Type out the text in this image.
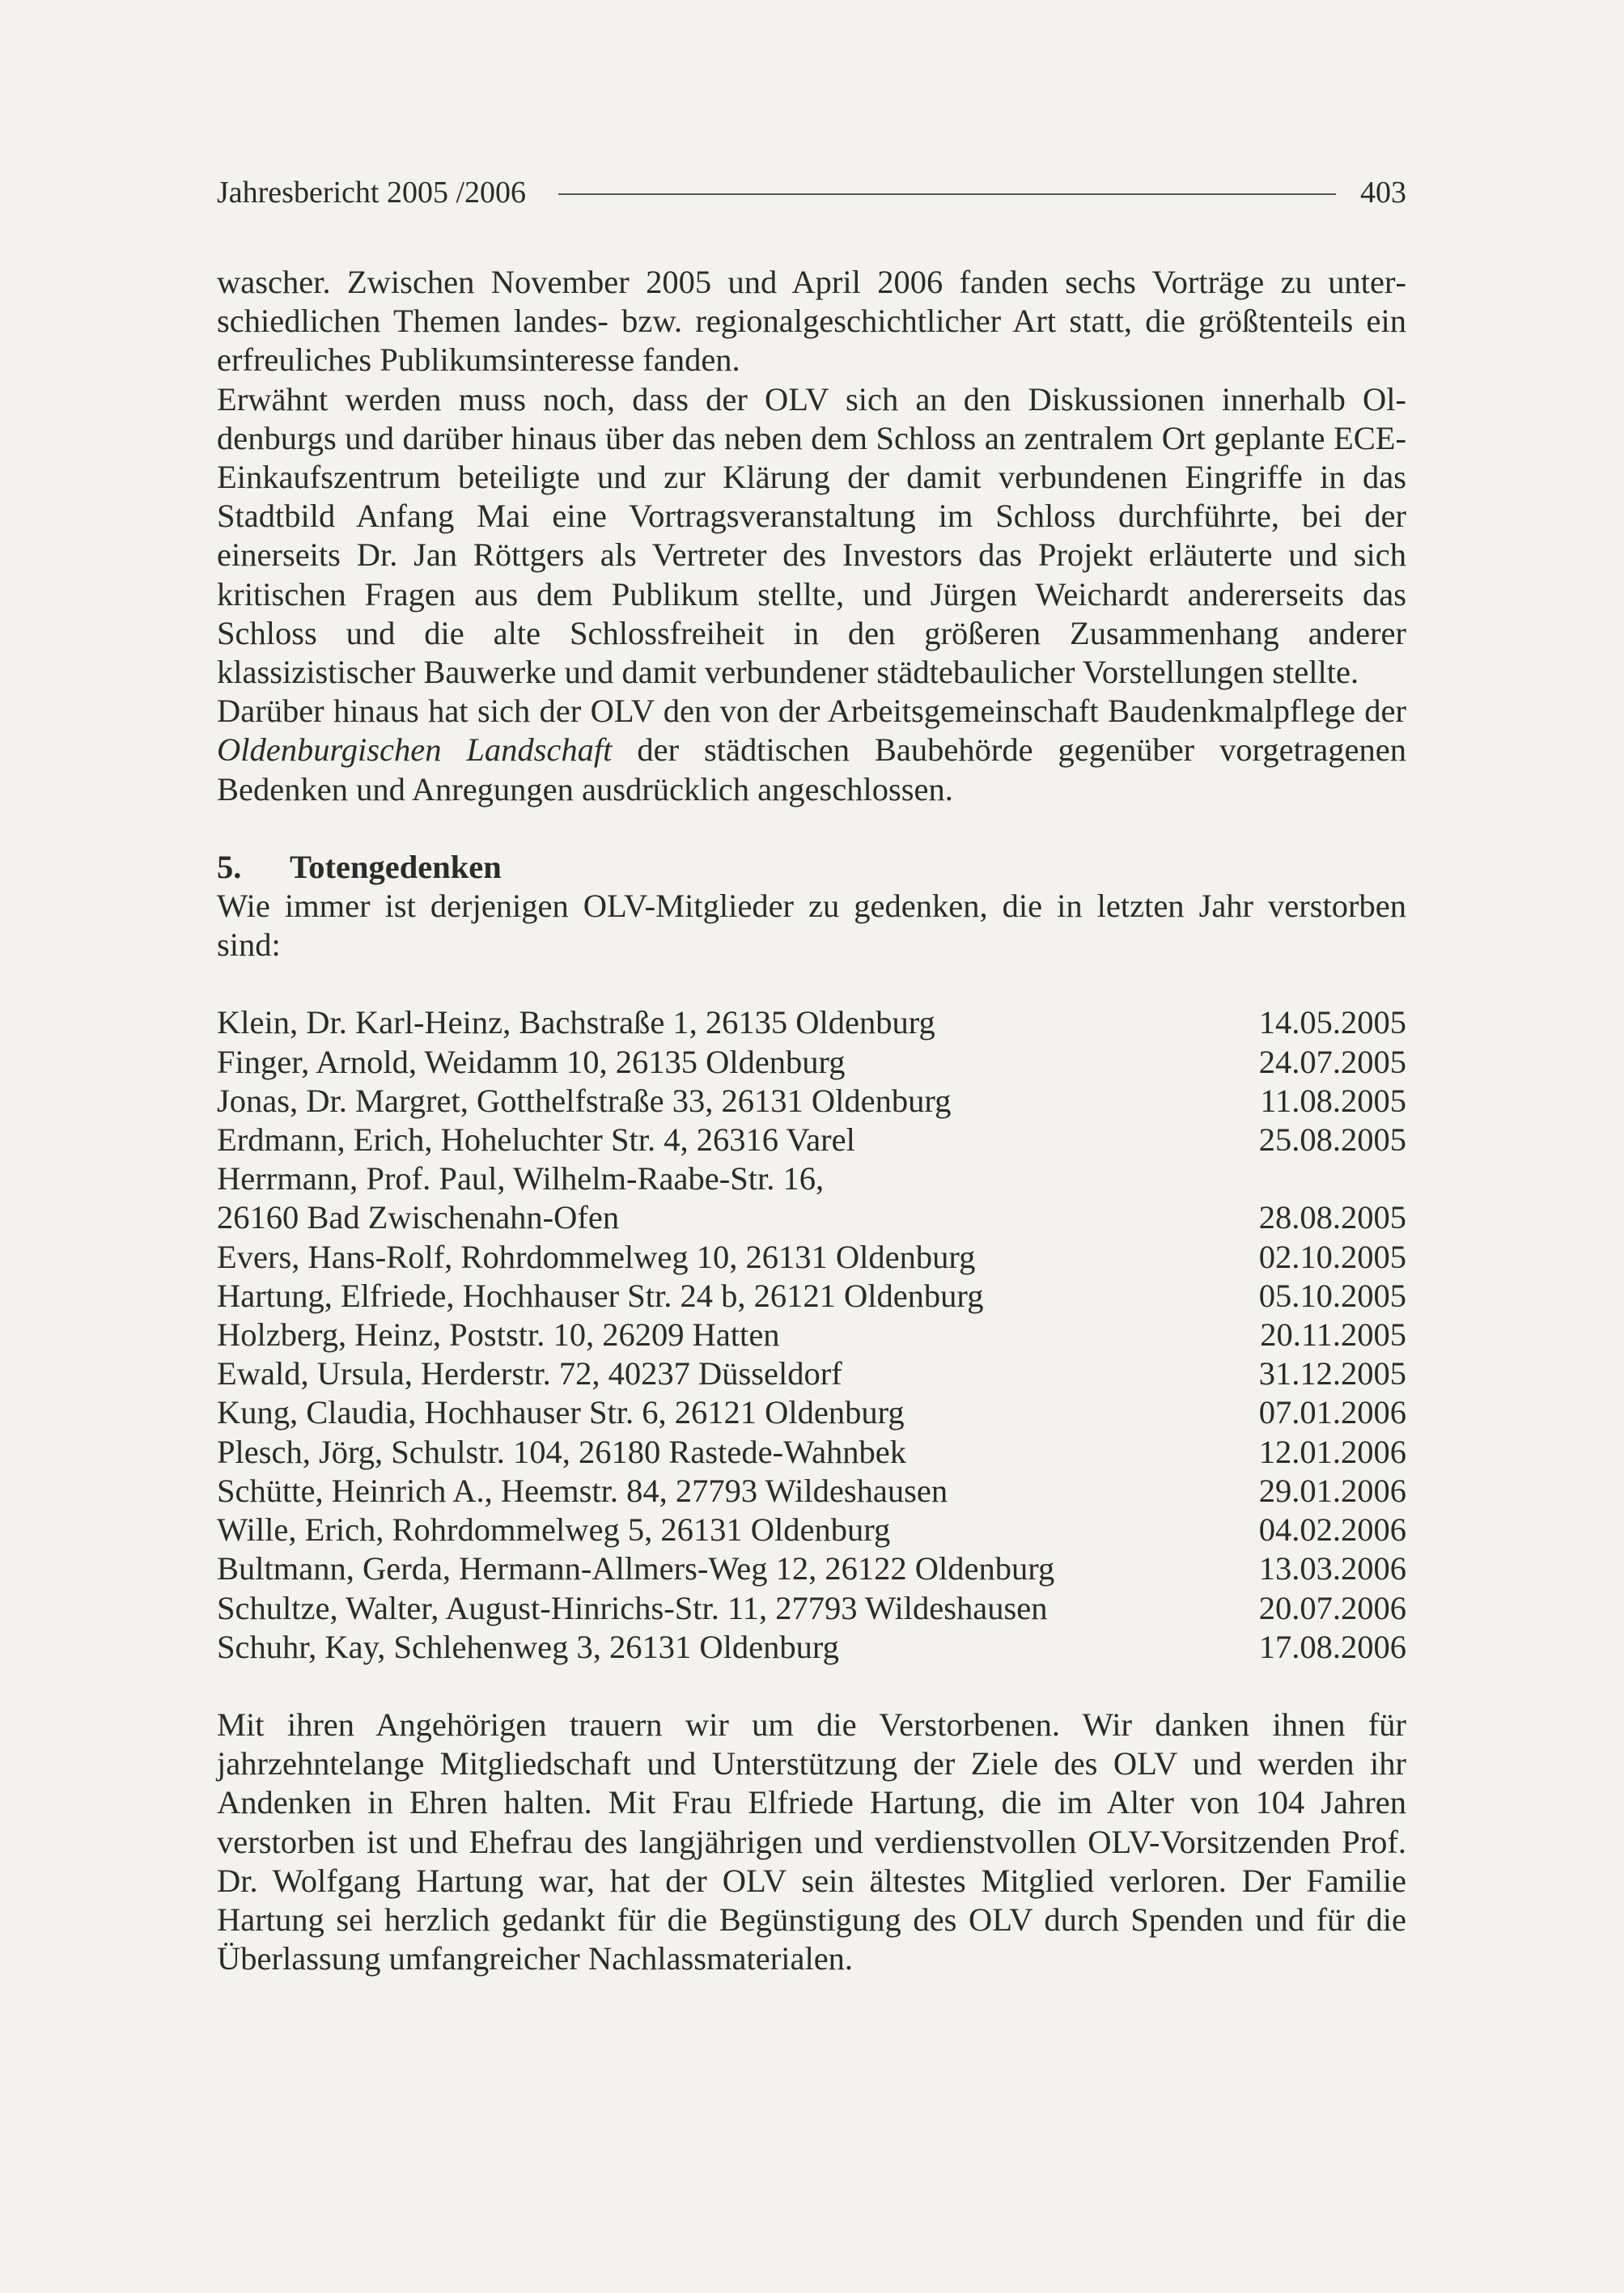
Jahresbericht 2005 /2006	403

wascher. Zwischen November 2005 und April 2006 fanden sechs Vorträge zu unterschiedlichen Themen landes- bzw. regionalgeschichtlicher Art statt, die größtenteils ein erfreuliches Publikumsinteresse fanden.

Erwähnt werden muss noch, dass der OLV sich an den Diskussionen innerhalb Oldenburgs und darüber hinaus über das neben dem Schloss an zentralem Ort geplante ECE-Einkaufszentrum beteiligte und zur Klärung der damit verbundenen Eingriffe in das Stadtbild Anfang Mai eine Vortragsveranstaltung im Schloss durchführte, bei der einerseits Dr. Jan Röttgers als Vertreter des Investors das Projekt erläuterte und sich kritischen Fragen aus dem Publikum stellte, und Jürgen Weichardt andererseits das Schloss und die alte Schlossfreiheit in den größeren Zusammenhang anderer klassizistischer Bauwerke und damit verbundener städtebaulicher Vorstellungen stellte.

Darüber hinaus hat sich der OLV den von der Arbeitsgemeinschaft Baudenkmalpflege der Oldenburgischen Landschaft der städtischen Baubehörde gegenüber vorgetragenen Bedenken und Anregungen ausdrücklich angeschlossen.

5.	Totengedenken

Wie immer ist derjenigen OLV-Mitglieder zu gedenken, die in letzten Jahr verstorben sind:

Klein, Dr. Karl-Heinz, Bachstraße 1, 26135 Oldenburg	14.05.2005
Finger, Arnold, Weidamm 10, 26135 Oldenburg	24.07.2005
Jonas, Dr. Margret, Gotthelfstraße 33, 26131 Oldenburg	11.08.2005
Erdmann, Erich, Hoheluchter Str. 4, 26316 Varel	25.08.2005
Herrmann, Prof. Paul, Wilhelm-Raabe-Str. 16,
26160 Bad Zwischenahn-Ofen	28.08.2005
Evers, Hans-Rolf, Rohrdommelweg 10, 26131 Oldenburg	02.10.2005
Hartung, Elfriede, Hochhauser Str. 24 b, 26121 Oldenburg	05.10.2005
Holzberg, Heinz, Poststr. 10, 26209 Hatten	20.11.2005
Ewald, Ursula, Herderstr. 72, 40237 Düsseldorf	31.12.2005
Kung, Claudia, Hochhauser Str. 6, 26121 Oldenburg	07.01.2006
Plesch, Jörg, Schulstr. 104, 26180 Rastede-Wahnbek	12.01.2006
Schütte, Heinrich A., Heemstr. 84, 27793 Wildeshausen	29.01.2006
Wille, Erich, Rohrdommelweg 5, 26131 Oldenburg	04.02.2006
Bultmann, Gerda, Hermann-Allmers-Weg 12, 26122 Oldenburg	13.03.2006
Schultze, Walter, August-Hinrichs-Str. 11, 27793 Wildeshausen	20.07.2006
Schuhr, Kay, Schlehenweg 3, 26131 Oldenburg	17.08.2006

Mit ihren Angehörigen trauern wir um die Verstorbenen. Wir danken ihnen für jahrzehntelange Mitgliedschaft und Unterstützung der Ziele des OLV und werden ihr Andenken in Ehren halten. Mit Frau Elfriede Hartung, die im Alter von 104 Jahren verstorben ist und Ehefrau des langjährigen und verdienstvollen OLV-Vorsitzenden Prof. Dr. Wolfgang Hartung war, hat der OLV sein ältestes Mitglied verloren. Der Familie Hartung sei herzlich gedankt für die Begünstigung des OLV durch Spenden und für die Überlassung umfangreicher Nachlassmaterialen.
